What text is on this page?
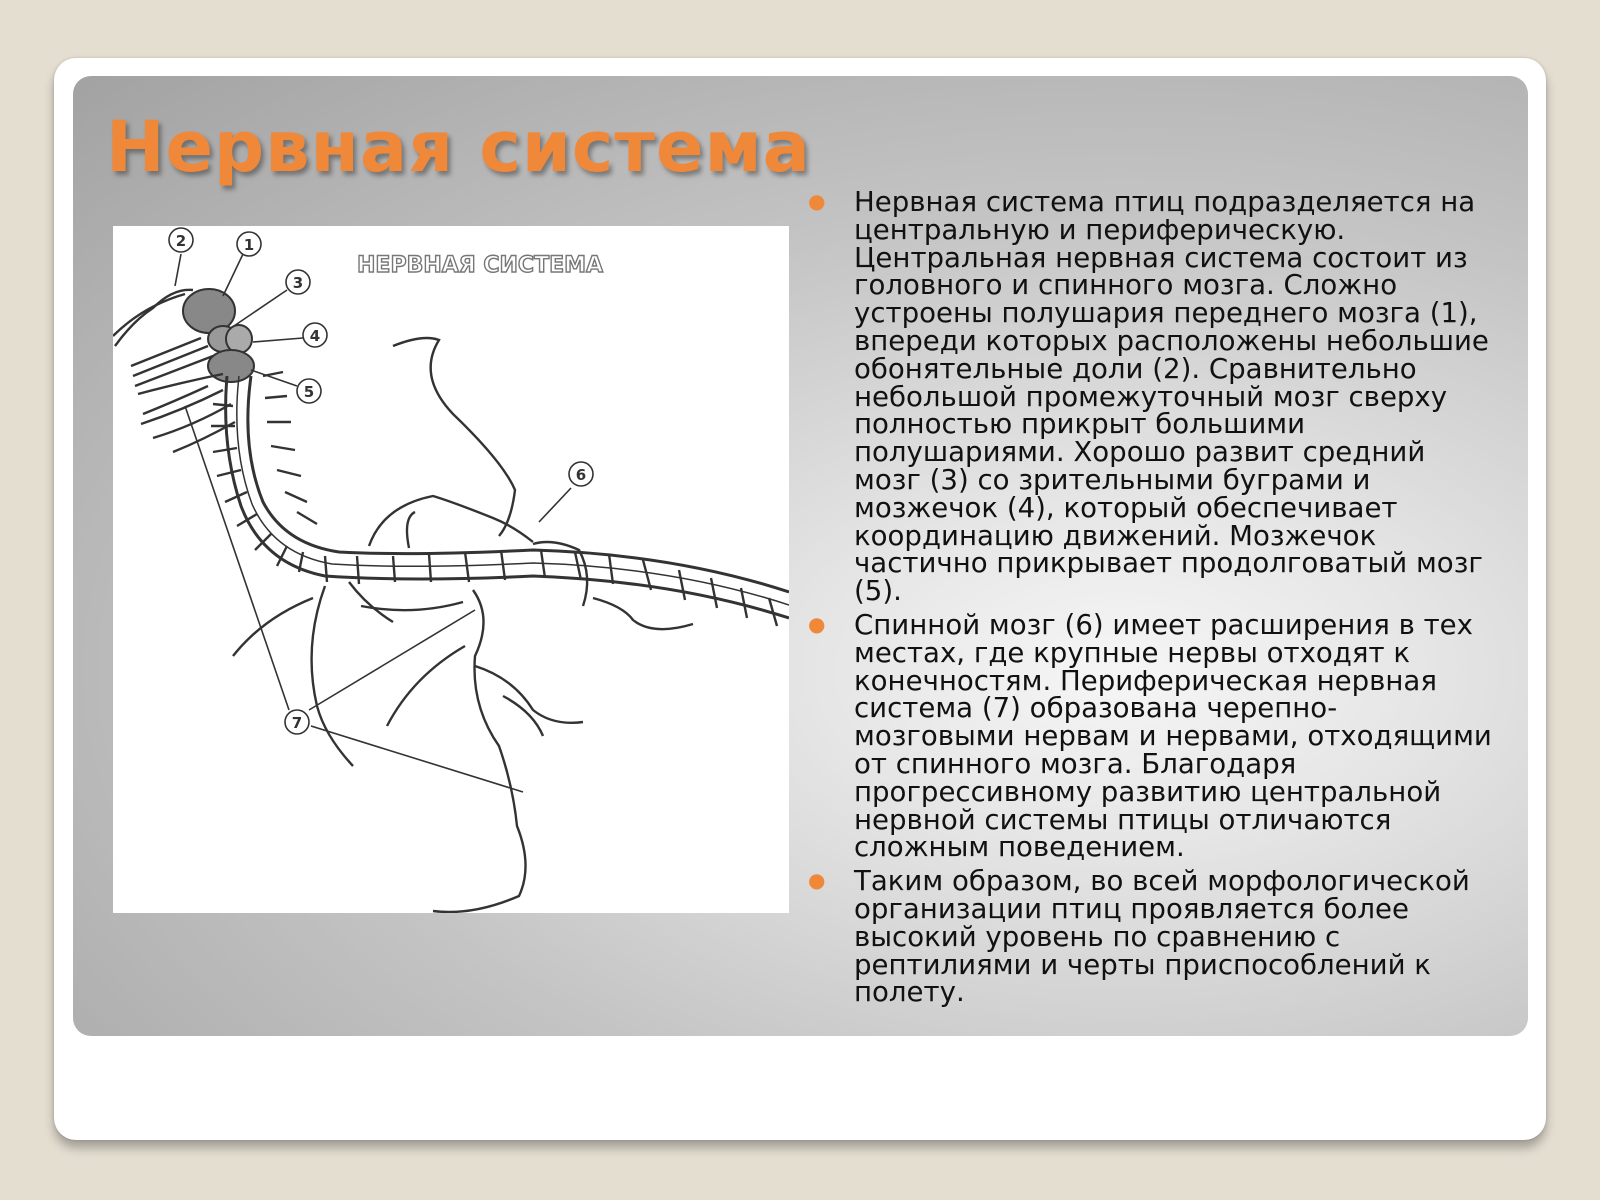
Нервная система
НЕРВНАЯ СИСТЕМА
1
2
3
4
5
6
7
● Нервная система птиц подразделяется на центральную и периферическую. Центральная нервная система состоит из головного и спинного мозга. Сложно устроены полушария переднего мозга (1), впереди которых расположены небольшие обонятельные доли (2). Сравнительно небольшой промежуточный мозг сверху полностью прикрыт большими полушариями. Хорошо развит средний мозг (3) со зрительными буграми и мозжечок (4), который обеспечивает координацию движений. Мозжечок частично прикрывает продолговатый мозг (5).
● Спинной мозг (6) имеет расширения в тех местах, где крупные нервы отходят к конечностям. Периферическая нервная система (7) образована черепно-мозговыми нервам и нервами, отходящими от спинного мозга. Благодаря прогрессивному развитию центральной нервной системы птицы отличаются сложным поведением.
● Таким образом, во всей морфологической организации птиц проявляется более высокий уровень по сравнению с рептилиями и черты приспособлений к полету.
